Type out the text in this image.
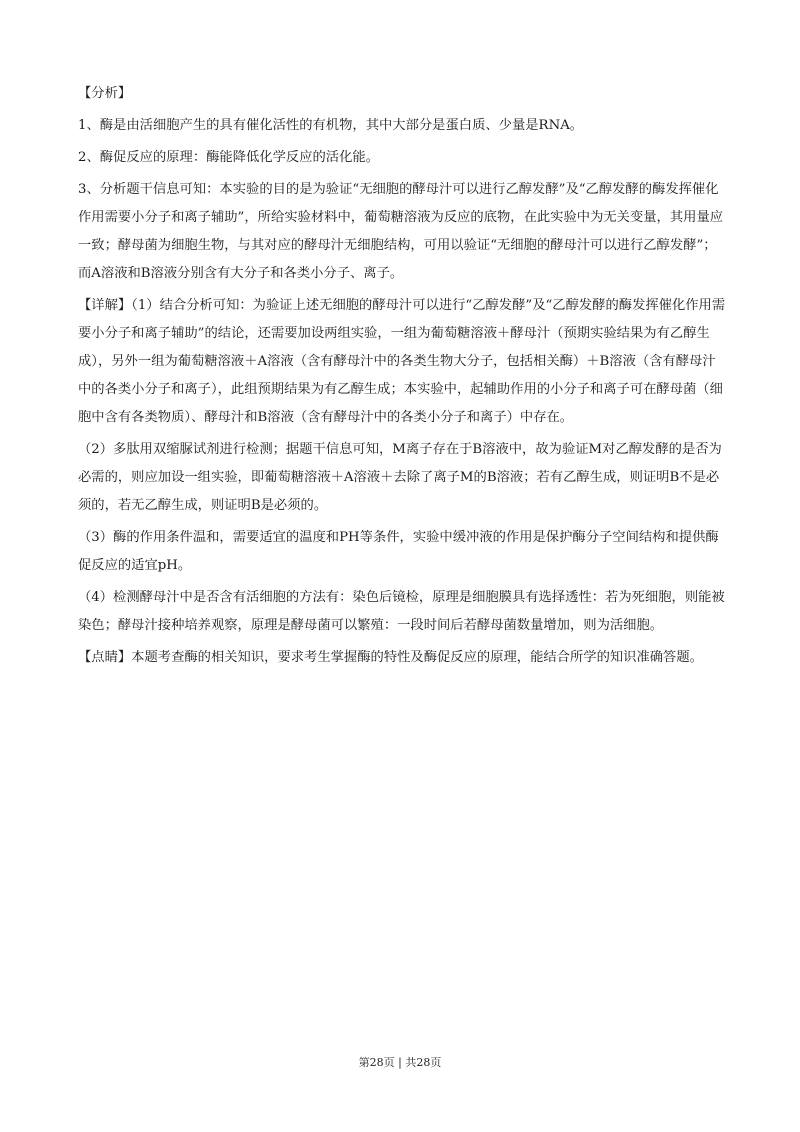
【分析】

1、酶是由活细胞产生的具有催化活性的有机物，其中大部分是蛋白质、少量是RNA。

2、酶促反应的原理：酶能降低化学反应的活化能。

3、分析题干信息可知：本实验的目的是为验证“无细胞的酵母汁可以进行乙醇发酵”及“乙醇发酵的酶发挥催化作用需要小分子和离子辅助”，所给实验材料中，葡萄糖溶液为反应的底物，在此实验中为无关变量，其用量应一致；酵母菌为细胞生物，与其对应的酵母汁无细胞结构，可用以验证“无细胞的酵母汁可以进行乙醇发酵”；而A溶液和B溶液分别含有大分子和各类小分子、离子。

【详解】（1）结合分析可知：为验证上述无细胞的酵母汁可以进行“乙醇发酵”及“乙醇发酵的酶发挥催化作用需要小分子和离子辅助”的结论，还需要加设两组实验，一组为葡萄糖溶液＋酵母汁（预期实验结果为有乙醇生成），另外一组为葡萄糖溶液＋A溶液（含有酵母汁中的各类生物大分子，包括相关酶）＋B溶液（含有酵母汁中的各类小分子和离子），此组预期结果为有乙醇生成；本实验中，起辅助作用的小分子和离子可在酵母菌（细胞中含有各类物质）、酵母汁和B溶液（含有酵母汁中的各类小分子和离子）中存在。

（2）多肽用双缩脲试剂进行检测；据题干信息可知，M离子存在于B溶液中，故为验证M对乙醇发酵的是否为必需的，则应加设一组实验，即葡萄糖溶液＋A溶液＋去除了离子M的B溶液；若有乙醇生成，则证明B不是必须的，若无乙醇生成，则证明B是必须的。

（3）酶的作用条件温和，需要适宜的温度和PH等条件，实验中缓冲液的作用是保护酶分子空间结构和提供酶促反应的适宜pH。

（4）检测酵母汁中是否含有活细胞的方法有：染色后镜检，原理是细胞膜具有选择透性：若为死细胞，则能被染色；酵母汁接种培养观察，原理是酵母菌可以繁殖：一段时间后若酵母菌数量增加，则为活细胞。

【点睛】本题考查酶的相关知识，要求考生掌握酶的特性及酶促反应的原理，能结合所学的知识准确答题。

第28页 | 共28页
